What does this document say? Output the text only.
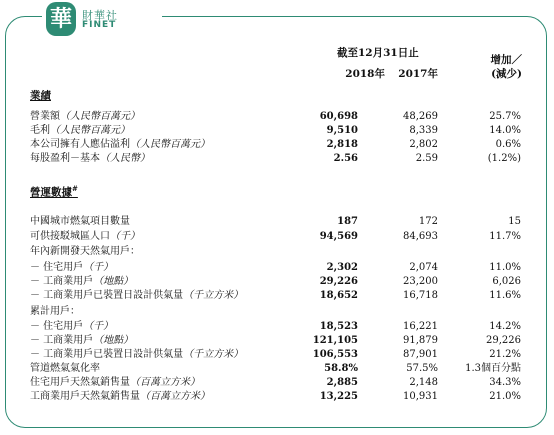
華 財華社
FINET
截至12月31日止
2018年	2017年
增加／
(減少)
業績
營運數據#
營業額（人民幣百萬元）	60,698	48,269	25.7%
毛利（人民幣百萬元）	9,510	8,339	14.0%
本公司擁有人應佔溢利（人民幣百萬元）	2,818	2,802	0.6%
每股盈利－基本（人民幣）	2.56	2.59	(1.2%)
中國城市燃氣項目數量	187	172	15
可供接駁城區人口（千）	94,569	84,693	11.7%
年內新開發天然氣用戶：
－ 住宅用戶（千）	2,302	2,074	11.0%
－ 工商業用戶（地點）	29,226	23,200	6,026
－ 工商業用戶已裝置日設計供氣量（千立方米）	18,652	16,718	11.6%
累計用戶：
－ 住宅用戶（千）	18,523	16,221	14.2%
－ 工商業用戶（地點）	121,105	91,879	29,226
－ 工商業用戶已裝置日設計供氣量（千立方米）	106,553	87,901	21.2%
管道燃氣氣化率	58.8%	57.5%	1.3個百分點
住宅用戶天然氣銷售量（百萬立方米）	2,885	2,148	34.3%
工商業用戶天然氣銷售量（百萬立方米）	13,225	10,931	21.0%
